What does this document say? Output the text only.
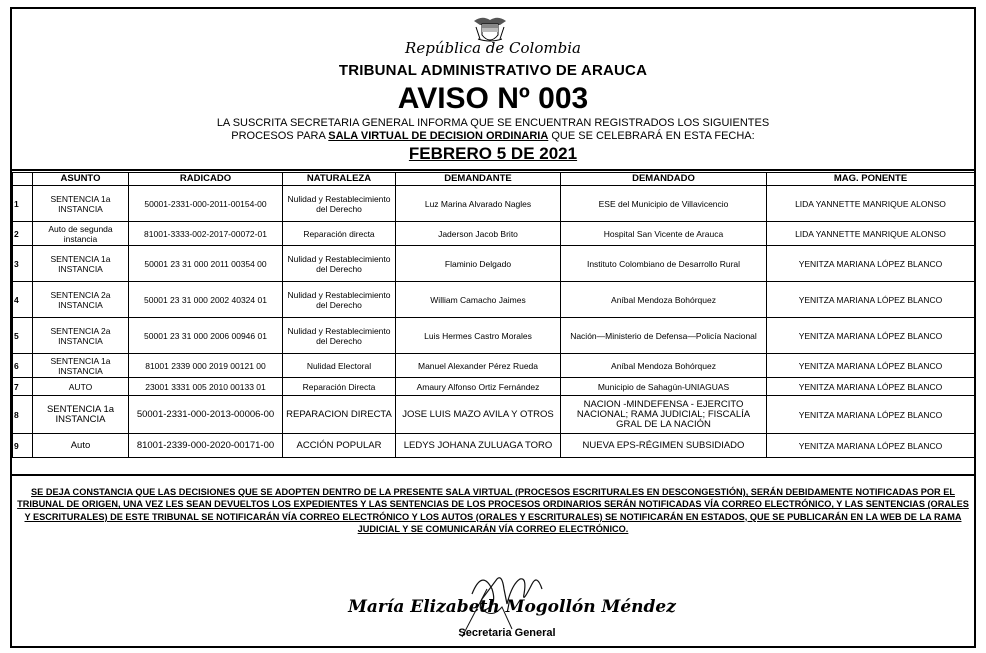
República de Colombia
TRIBUNAL ADMINISTRATIVO DE ARAUCA
AVISO Nº 003
LA SUSCRITA SECRETARIA GENERAL INFORMA QUE SE ENCUENTRAN REGISTRADOS LOS SIGUIENTES
PROCESOS PARA SALA VIRTUAL DE DECISION ORDINARIA QUE SE CELEBRARÁ EN ESTA FECHA:
FEBRERO 5 DE 2021
	ASUNTO	RADICADO	NATURALEZA	DEMANDANTE	DEMANDADO	MAG. PONENTE
1	SENTENCIA 1a INSTANCIA	50001-2331-000-2011-00154-00	Nulidad y Restablecimiento del Derecho	Luz Marina Alvarado Nagles	ESE del Municipio de Villavicencio	LIDA YANNETTE MANRIQUE ALONSO
2	Auto de segunda instancia	81001-3333-002-2017-00072-01	Reparación directa	Jaderson Jacob Brito	Hospital San Vicente de Arauca	LIDA YANNETTE MANRIQUE ALONSO
3	SENTENCIA 1a INSTANCIA	50001 23 31 000 2011 00354 00	Nulidad y Restablecimiento del Derecho	Flaminio Delgado	Instituto Colombiano de Desarrollo Rural	YENITZA MARIANA LÓPEZ BLANCO
4	SENTENCIA 2a INSTANCIA	50001 23 31 000 2002 40324 01	Nulidad y Restablecimiento del Derecho	William Camacho Jaimes	Aníbal Mendoza Bohórquez	YENITZA MARIANA LÓPEZ BLANCO
5	SENTENCIA 2a INSTANCIA	50001 23 31 000 2006 00946 01	Nulidad y Restablecimiento del Derecho	Luis Hermes Castro Morales	Nación—Ministerio de Defensa—Policía Nacional	YENITZA MARIANA LÓPEZ BLANCO
6	SENTENCIA 1a INSTANCIA	81001 2339 000 2019 00121 00	Nulidad Electoral	Manuel Alexander Pérez Rueda	Aníbal Mendoza Bohórquez	YENITZA MARIANA LÓPEZ BLANCO
7	AUTO	23001 3331 005 2010 00133 01	Reparación Directa	Amaury Alfonso Ortiz Fernández	Municipio de Sahagún-UNIAGUAS	YENITZA MARIANA LÓPEZ BLANCO
8	SENTENCIA 1a INSTANCIA	50001-2331-000-2013-00006-00	REPARACION DIRECTA	JOSE LUIS MAZO AVILA Y OTROS	NACION -MINDEFENSA - EJERCITO NACIONAL; RAMA JUDICIAL; FISCALÍA GRAL DE LA NACIÓN	YENITZA MARIANA LÓPEZ BLANCO
9	Auto	81001-2339-000-2020-00171-00	ACCIÓN POPULAR	LEDYS JOHANA ZULUAGA TORO	NUEVA EPS-RÉGIMEN SUBSIDIADO	YENITZA MARIANA LÓPEZ BLANCO
SE DEJA CONSTANCIA QUE LAS DECISIONES QUE SE ADOPTEN DENTRO DE LA PRESENTE SALA VIRTUAL (PROCESOS ESCRITURALES EN DESCONGESTIÓN), SERÁN DEBIDAMENTE NOTIFICADAS POR EL TRIBUNAL DE ORIGEN, UNA VEZ LES SEAN DEVUELTOS LOS EXPEDIENTES Y LAS SENTENCIAS DE LOS PROCESOS ORDINARIOS SERÁN NOTIFICADAS VÍA CORREO ELECTRÓNICO, Y LAS SENTENCIAS (ORALES Y ESCRITURALES) DE ESTE TRIBUNAL SE NOTIFICARÁN VÍA CORREO ELECTRÓNICO Y LOS AUTOS (ORALES Y ESCRITURALES) SE NOTIFICARÁN EN ESTADOS, QUE SE PUBLICARÁN EN LA WEB DE LA RAMA JUDICIAL Y SE COMUNICARÁN VÍA CORREO ELECTRÓNICO.
María Elizabeth Mogollón Méndez
Secretaria General
